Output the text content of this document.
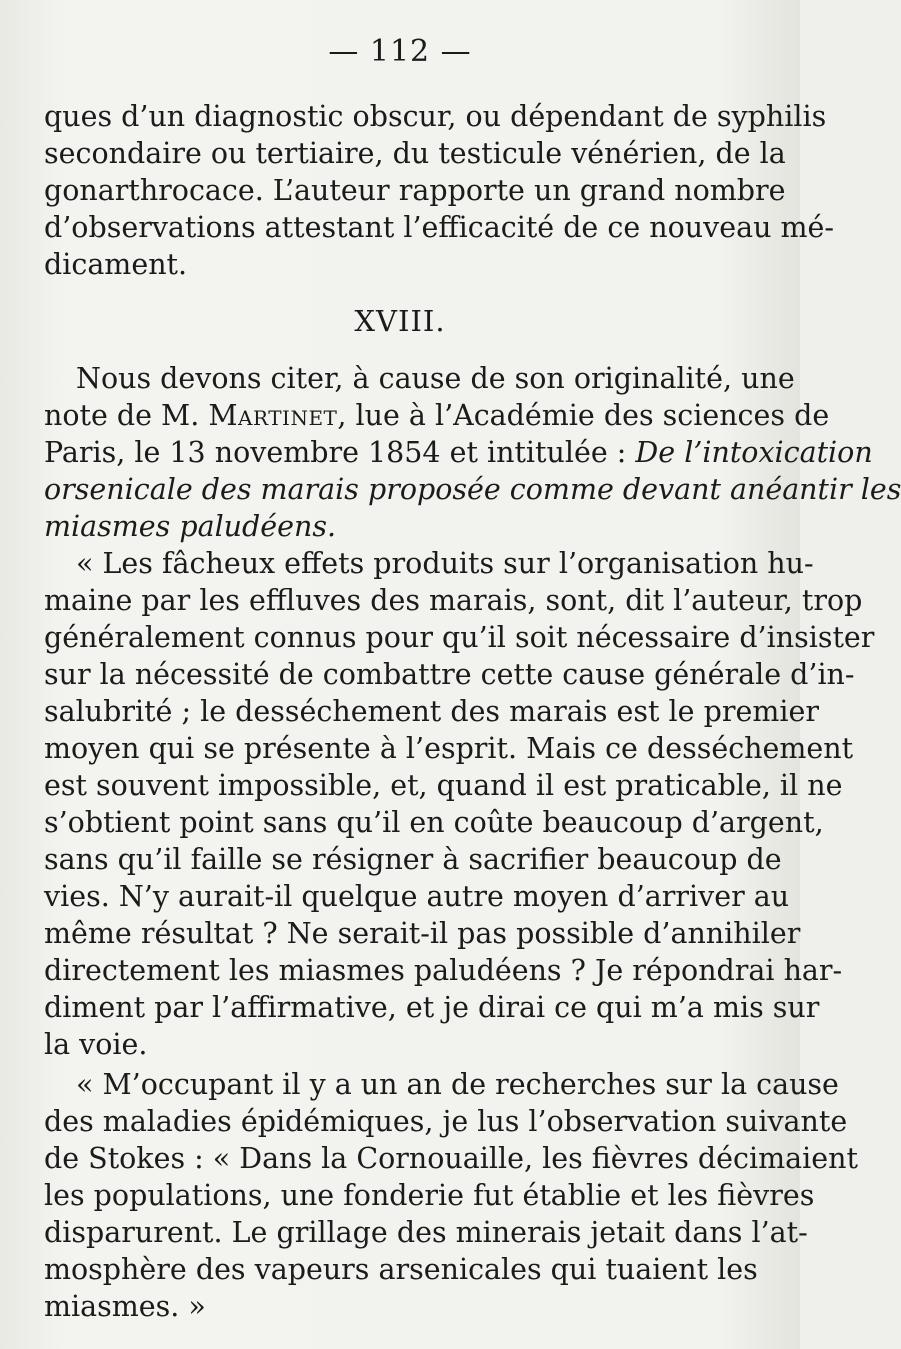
— 112 —
ques d’un diagnostic obscur, ou dépendant de syphilis
secondaire ou tertiaire, du testicule vénérien, de la
gonarthrocace. L’auteur rapporte un grand nombre
d’observations attestant l’efficacité de ce nouveau mé-
dicament.
XVIII.
Nous devons citer, à cause de son originalité, une
note de M. Martinet, lue à l’Académie des sciences de
Paris, le 13 novembre 1854 et intitulée : De l’intoxication
orsenicale des marais proposée comme devant anéantir les
miasmes paludéens.
« Les fâcheux effets produits sur l’organisation hu-
maine par les effluves des marais, sont, dit l’auteur, trop
généralement connus pour qu’il soit nécessaire d’insister
sur la nécessité de combattre cette cause générale d’in-
salubrité ; le desséchement des marais est le premier
moyen qui se présente à l’esprit. Mais ce desséchement
est souvent impossible, et, quand il est praticable, il ne
s’obtient point sans qu’il en coûte beaucoup d’argent,
sans qu’il faille se résigner à sacrifier beaucoup de
vies. N’y aurait-il quelque autre moyen d’arriver au
même résultat ? Ne serait-il pas possible d’annihiler
directement les miasmes paludéens ? Je répondrai har-
diment par l’affirmative, et je dirai ce qui m’a mis sur
la voie.
« M’occupant il y a un an de recherches sur la cause
des maladies épidémiques, je lus l’observation suivante
de Stokes : « Dans la Cornouaille, les fièvres décimaient
les populations, une fonderie fut établie et les fièvres
disparurent. Le grillage des minerais jetait dans l’at-
mosphère des vapeurs arsenicales qui tuaient les
miasmes. »
